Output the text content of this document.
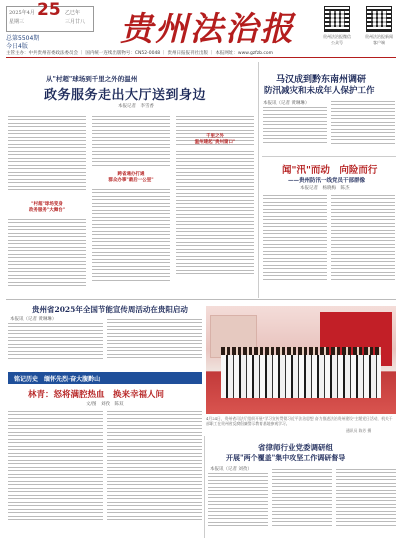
2025年4月
星期三
25 乙巳年
三月廿八
总第5504期
今日4版	贵州法治报	贵州法治报微信公众号
贵州法治报新闻客户端
主管主办：中共贵州省委政法委员会 ｜ 国内统一连续出版物号：CN52-0048 ｜ 贵州日报报刊社出版 ｜ 本报网址：www.gzfzb.com
从"村超"球场到千里之外的温州
政务服务走出大厅送到身边
本报记者　李雪香
"村超"球场变身
政务服务"大舞台"
跨省通办打通
群众办事"最后一公里"
千里之外
温州建起"贵州窗口"
马汉成到黔东南州调研
防汛减灾和未成年人保护工作
本报讯（记者 黄琳琳）
闻"汛"而动　向险而行
——贵州防汛一线党员干部群像
本报记者　杨晓梅　陈杰
贵州省2025年全国节能宣传周活动在贵阳启动
本报讯（记者 黄琳琳）
4月24日，贵州省司法厅组织开展"学习宣传贯彻习近平法治思想 奋力推进法治贵州建设"主题党日活动，机关干部职工在贵州省反腐倡廉警示教育基地参观学习。
通讯员 陈芳 摄
铭记历史　缅怀先烈·奋大腹黔山
林青：怒将满腔热血　换来幸福人间
文/图　刘孜　陈双
省律师行业党委调研组
开展"两个覆盖"集中攻坚工作调研督导
本报讯（记者 刘孜）
